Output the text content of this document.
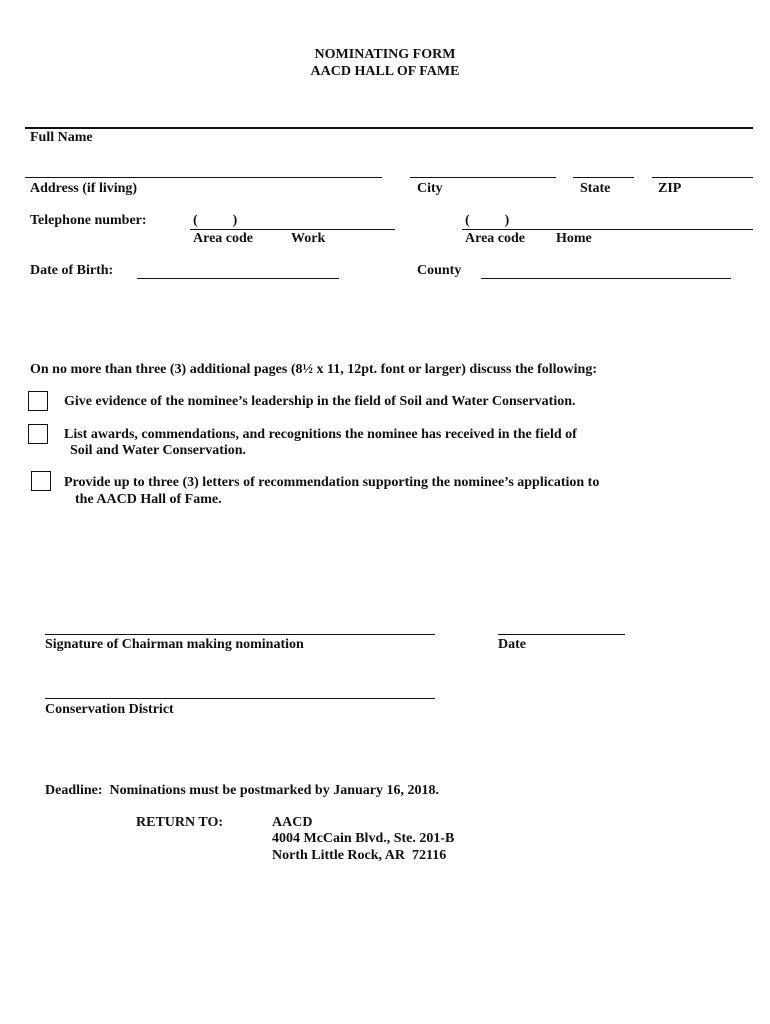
NOMINATING FORM
AACD HALL OF FAME
Full Name
Address (if living)	City	State	ZIP
Telephone number:	(          )
Area code	Work
(          )
Area code Home
Date of Birth:	County
On no more than three (3) additional pages (8½ x 11, 12pt. font or larger) discuss the following:
Give evidence of the nominee’s leadership in the field of Soil and Water Conservation.
List awards, commendations, and recognitions the nominee has received in the field of
Soil and Water Conservation.
Provide up to three (3) letters of recommendation supporting the nominee’s application to
the AACD Hall of Fame.
Signature of Chairman making nomination	Date
Conservation District
Deadline:  Nominations must be postmarked by January 16, 2018.
RETURN TO:	AACD
4004 McCain Blvd., Ste. 201-B
North Little Rock, AR  72116
